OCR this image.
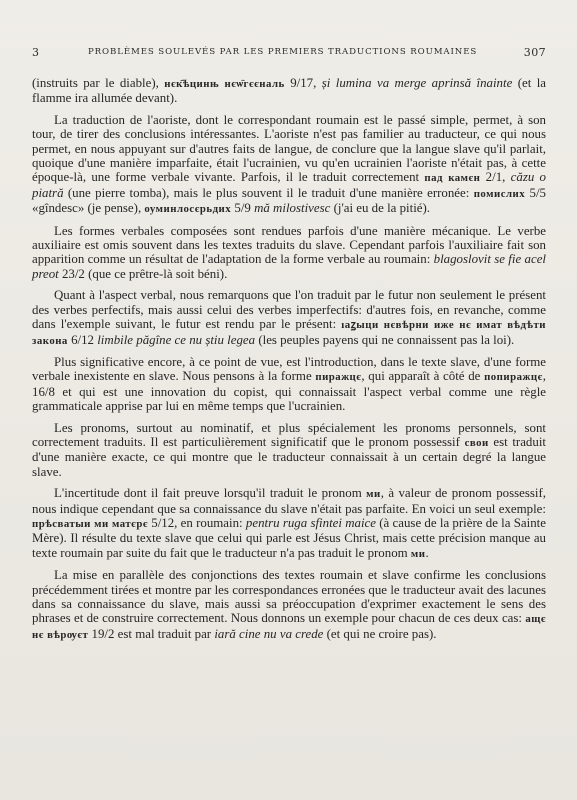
3	PROBLÈMES SOULEVÉS PAR LES PREMIERS TRADUCTIONS ROUMAINES	307

(instruits par le diable), нєк҄ѣцинњ нєѡ̈гєєналь 9/17, și lumina va merge aprinsă înainte (et la flamme ira allumée devant).

La traduction de l'aoriste, dont le correspondant roumain est le passé simple, permet, à son tour, de tirer des conclusions intéressantes. L'aoriste n'est pas familier au traducteur, ce qui nous permet, en nous appuyant sur d'autres faits de langue, de conclure que la langue slave qu'il parlait, quoique d'une manière imparfaite, était l'ucrainien, vu qu'en ucrainien l'aoriste n'était pas, à cette époque-là, une forme verbale vivante. Parfois, il le traduit correctement пад камєн 2/1, căzu o piatră (une pierre tomba), mais le plus souvent il le traduit d'une manière erronée: помислих 5/5 «gîndesc» (je pense), оуминлосєрьдих 5/9 mă milostivesc (j'ai eu de la pitié).

Les formes verbales composées sont rendues parfois d'une manière mécanique. Le verbe auxiliaire est omis souvent dans les textes traduits du slave. Cependant parfois l'auxiliaire fait son apparition comme un résultat de l'adaptation de la forme verbale au roumain: blagoslovit se fie acel preot 23/2 (que ce prêtre-là soit béni).

Quant à l'aspect verbal, nous remarquons que l'on traduit par le futur non seulement le présent des verbes perfectifs, mais aussi celui des verbes imperfectifs: d'autres fois, en revanche, comme dans l'exemple suivant, le futur est rendu par le présent: ıаꙁыци нєвѣрни иже нє имат вѣдѣти закона 6/12 limbile păgîne ce nu știu legea (les peuples payens qui ne connaissent pas la loi).

Plus significative encore, à ce point de vue, est l'introduction, dans le texte slave, d'une forme verbale inexistente en slave. Nous pensons à la forme пиражцє, qui apparaît à côté de попиражцє, 16/8 et qui est une innovation du copist, qui connaissait l'aspect verbal comme une règle grammaticale apprise par lui en même temps que l'ucrainien.

Les pronoms, surtout au nominatif, et plus spécialement les pronoms personnels, sont correctement traduits. Il est particulièrement significatif que le pronom possessif свои est traduit d'une manière exacte, ce qui montre que le traducteur connaissait à un certain degré la langue slave.

L'incertitude dont il fait preuve lorsqu'il traduit le pronom ми, à valeur de pronom possessif, nous indique cependant que sa connaissance du slave n'était pas parfaite. En voici un seul exemple: прѣсватыи ми матєрє 5/12, en roumain: pentru ruga sfintei maice (à cause de la prière de la Sainte Mère). Il résulte du texte slave que celui qui parle est Jésus Christ, mais cette précision manque au texte roumain par suite du fait que le traducteur n'a pas traduit le pronom ми.

La mise en parallèle des conjonctions des textes roumain et slave confirme les conclusions précédemment tirées et montre par les correspondances erronées que le traducteur avait des lacunes dans sa connaissance du slave, mais aussi sa préoccupation d'exprimer exactement le sens des phrases et de construire correctement. Nous donnons un exemple pour chacun de ces deux cas: ащє нє вѣрѹєт 19/2 est mal traduit par iară cine nu va crede (et qui ne croire pas).
